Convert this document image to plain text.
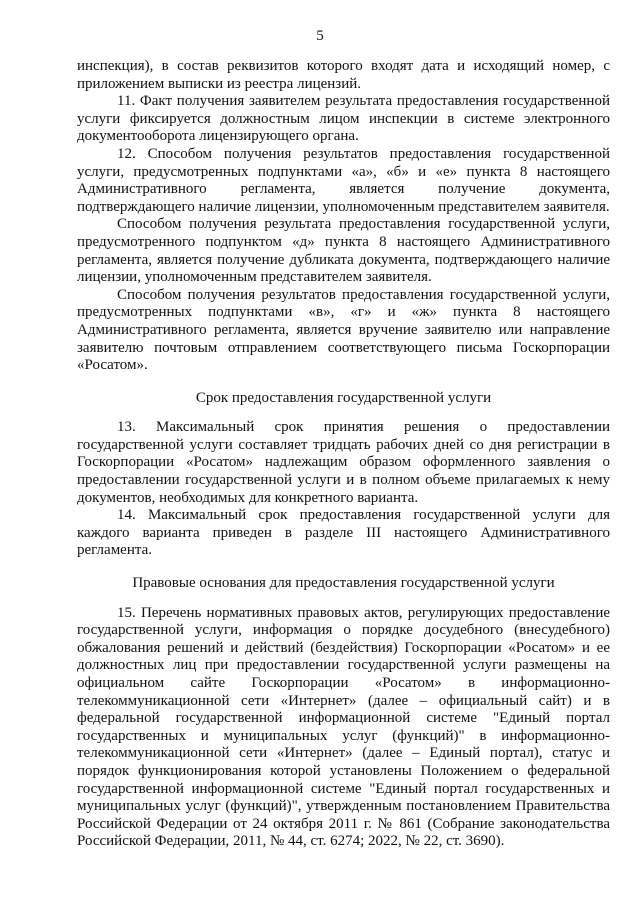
5

инспекция), в состав реквизитов которого входят дата и исходящий номер, с приложением выписки из реестра лицензий.

11. Факт получения заявителем результата предоставления государственной услуги фиксируется должностным лицом инспекции в системе электронного документооборота лицензирующего органа.

12. Способом получения результатов предоставления государственной услуги, предусмотренных подпунктами «а», «б» и «е» пункта 8 настоящего Административного регламента, является получение документа, подтверждающего наличие лицензии, уполномоченным представителем заявителя.

Способом получения результата предоставления государственной услуги, предусмотренного подпунктом «д» пункта 8 настоящего Административного регламента, является получение дубликата документа, подтверждающего наличие лицензии, уполномоченным представителем заявителя.

Способом получения результатов предоставления государственной услуги, предусмотренных подпунктами «в», «г» и «ж» пункта 8 настоящего Административного регламента, является вручение заявителю или направление заявителю почтовым отправлением соответствующего письма Госкорпорации «Росатом».

Срок предоставления государственной услуги

13. Максимальный срок принятия решения о предоставлении государственной услуги составляет тридцать рабочих дней со дня регистрации в Госкорпорации «Росатом» надлежащим образом оформленного заявления о предоставлении государственной услуги и в полном объеме прилагаемых к нему документов, необходимых для конкретного варианта.

14. Максимальный срок предоставления государственной услуги для каждого варианта приведен в разделе III настоящего Административного регламента.

Правовые основания для предоставления государственной услуги

15. Перечень нормативных правовых актов, регулирующих предоставление государственной услуги, информация о порядке досудебного (внесудебного) обжалования решений и действий (бездействия) Госкорпорации «Росатом» и ее должностных лиц при предоставлении государственной услуги размещены на официальном сайте Госкорпорации «Росатом» в информационно-телекоммуникационной сети «Интернет» (далее – официальный сайт) и в федеральной государственной информационной системе "Единый портал государственных и муниципальных услуг (функций)" в информационно-телекоммуникационной сети «Интернет» (далее – Единый портал), статус и порядок функционирования которой установлены Положением о федеральной государственной информационной системе "Единый портал государственных и муниципальных услуг (функций)", утвержденным постановлением Правительства Российской Федерации от 24 октября 2011 г. № 861 (Собрание законодательства Российской Федерации, 2011, № 44, ст. 6274; 2022, № 22, ст. 3690).
